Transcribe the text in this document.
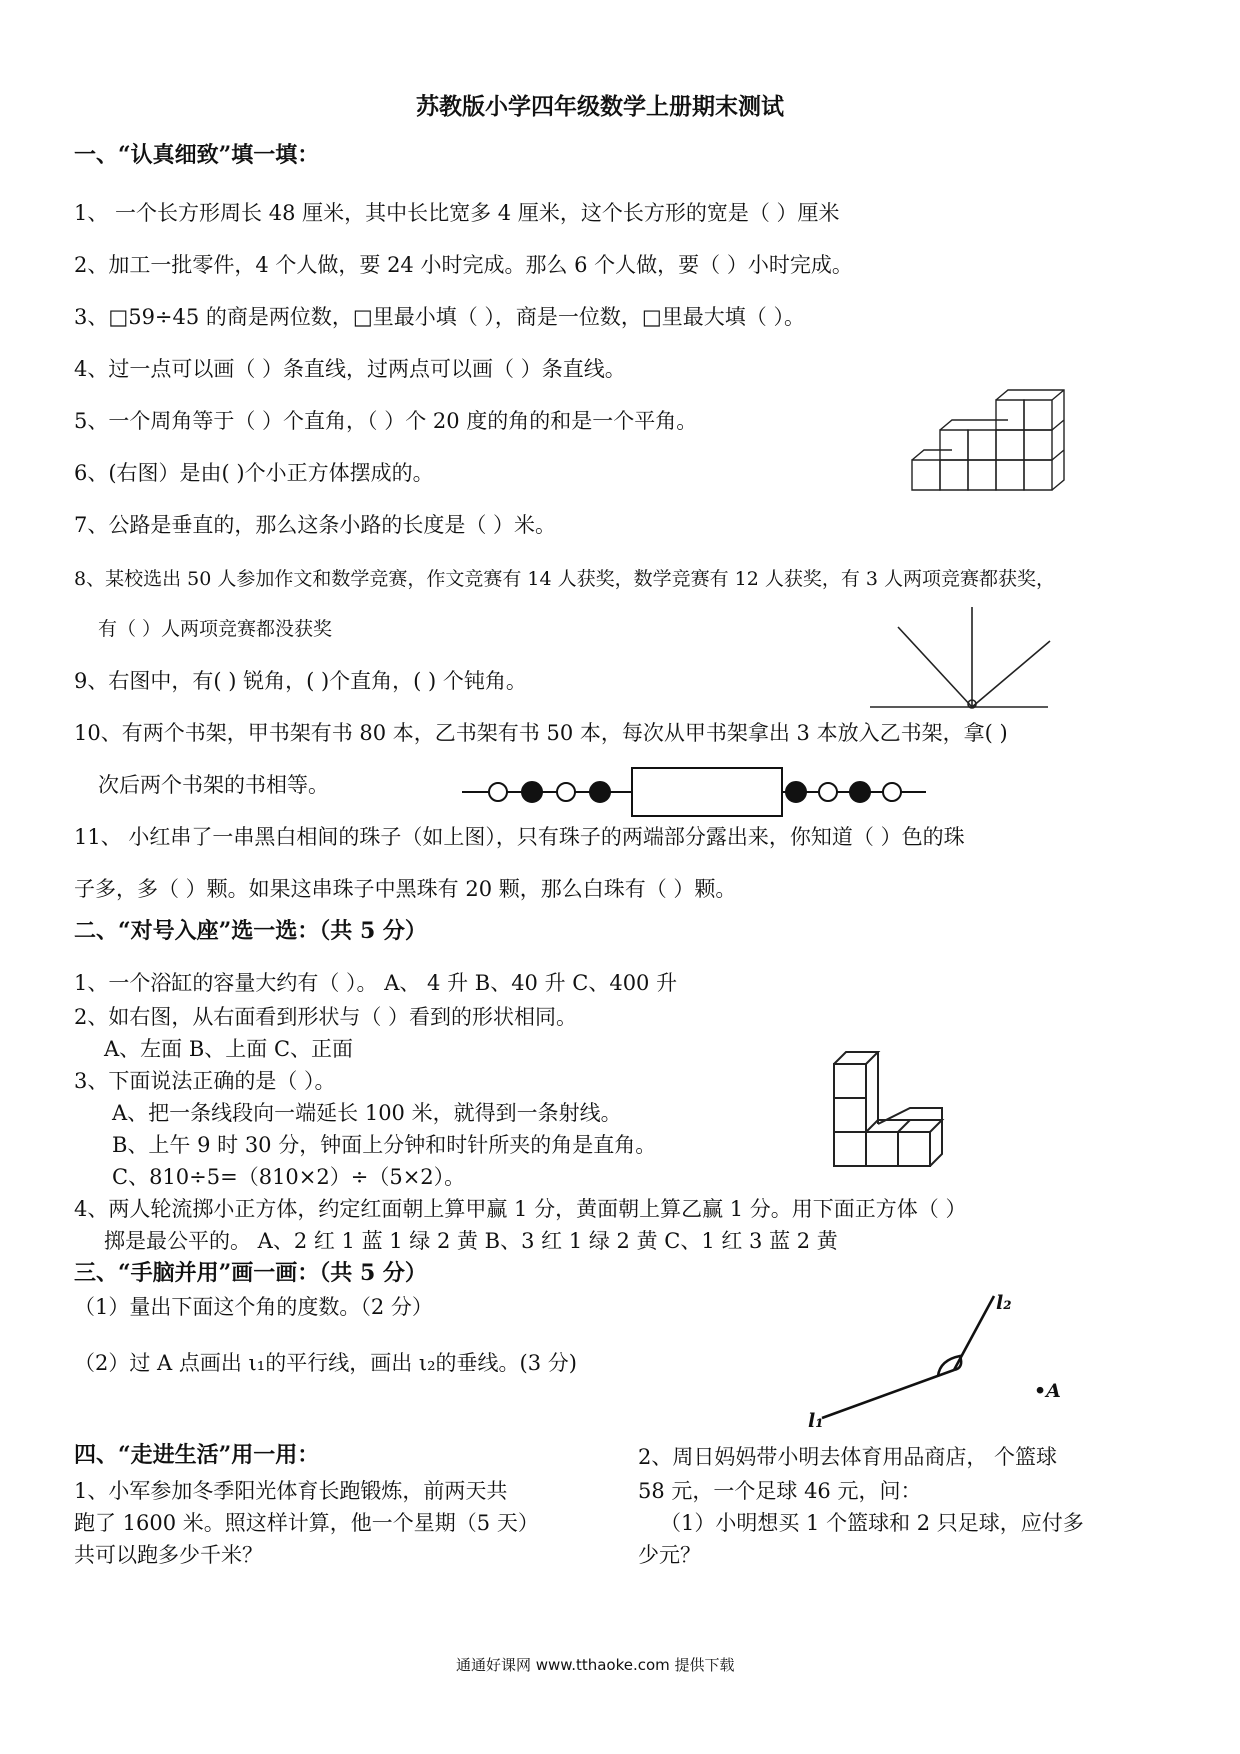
苏教版小学四年级数学上册期末测试
一、“认真细致”填一填：
1、 一个长方形周长 48 厘米，其中长比宽多 4 厘米，这个长方形的宽是（ ）厘米
2、加工一批零件，4 个人做，要 24 小时完成。那么 6 个人做，要（ ）小时完成。
3、□59÷45 的商是两位数，□里最小填（ ），商是一位数，□里最大填（ ）。
4、过一点可以画（ ）条直线，过两点可以画（ ）条直线。
5、一个周角等于（ ）个直角，（ ）个 20 度的角的和是一个平角。
6、(右图）是由( )个小正方体摆成的。
7、公路是垂直的，那么这条小路的长度是（ ）米。
8、某校选出 50 人参加作文和数学竞赛，作文竞赛有 14 人获奖，数学竞赛有 12 人获奖，有 3 人两项竞赛都获奖，
有（ ）人两项竞赛都没获奖
9、右图中，有( ) 锐角，( )个直角，( ) 个钝角。
10、有两个书架，甲书架有书 80 本，乙书架有书 50 本，每次从甲书架拿出 3 本放入乙书架，拿( )
次后两个书架的书相等。
11、 小红串了一串黑白相间的珠子（如上图），只有珠子的两端部分露出来，你知道（ ）色的珠
子多，多（ ）颗。如果这串珠子中黑珠有 20 颗，那么白珠有（ ）颗。
二、“对号入座”选一选：（共 5 分）
1、一个浴缸的容量大约有（ ）。 A、 4 升 B、40 升 C、400 升
2、如右图，从右面看到形状与（ ）看到的形状相同。
A、左面 B、上面 C、正面
3、下面说法正确的是（ ）。
A、把一条线段向一端延长 100 米，就得到一条射线。
B、上午 9 时 30 分，钟面上分钟和时针所夹的角是直角。
C、810÷5=（810×2）÷（5×2）。
4、两人轮流掷小正方体，约定红面朝上算甲赢 1 分，黄面朝上算乙赢 1 分。用下面正方体（ ）
掷是最公平的。 A、2 红 1 蓝 1 绿 2 黄 B、3 红 1 绿 2 黄 C、1 红 3 蓝 2 黄
三、“手脑并用”画一画：（共 5 分）
（1）量出下面这个角的度数。（2 分）
（2）过 A 点画出 ι₁的平行线，画出 ι₂的垂线。(3 分)
l₂
l₁
•A
四、“走进生活”用一用：
1、小军参加冬季阳光体育长跑锻炼，前两天共
跑了 1600 米。照这样计算，他一个星期（5 天）
共可以跑多少千米？
2、周日妈妈带小明去体育用品商店， 个篮球
58 元，一个足球 46 元，问：
（1）小明想买 1 个篮球和 2 只足球，应付多
少元？
通通好课网 www.tthaoke.com 提供下载
